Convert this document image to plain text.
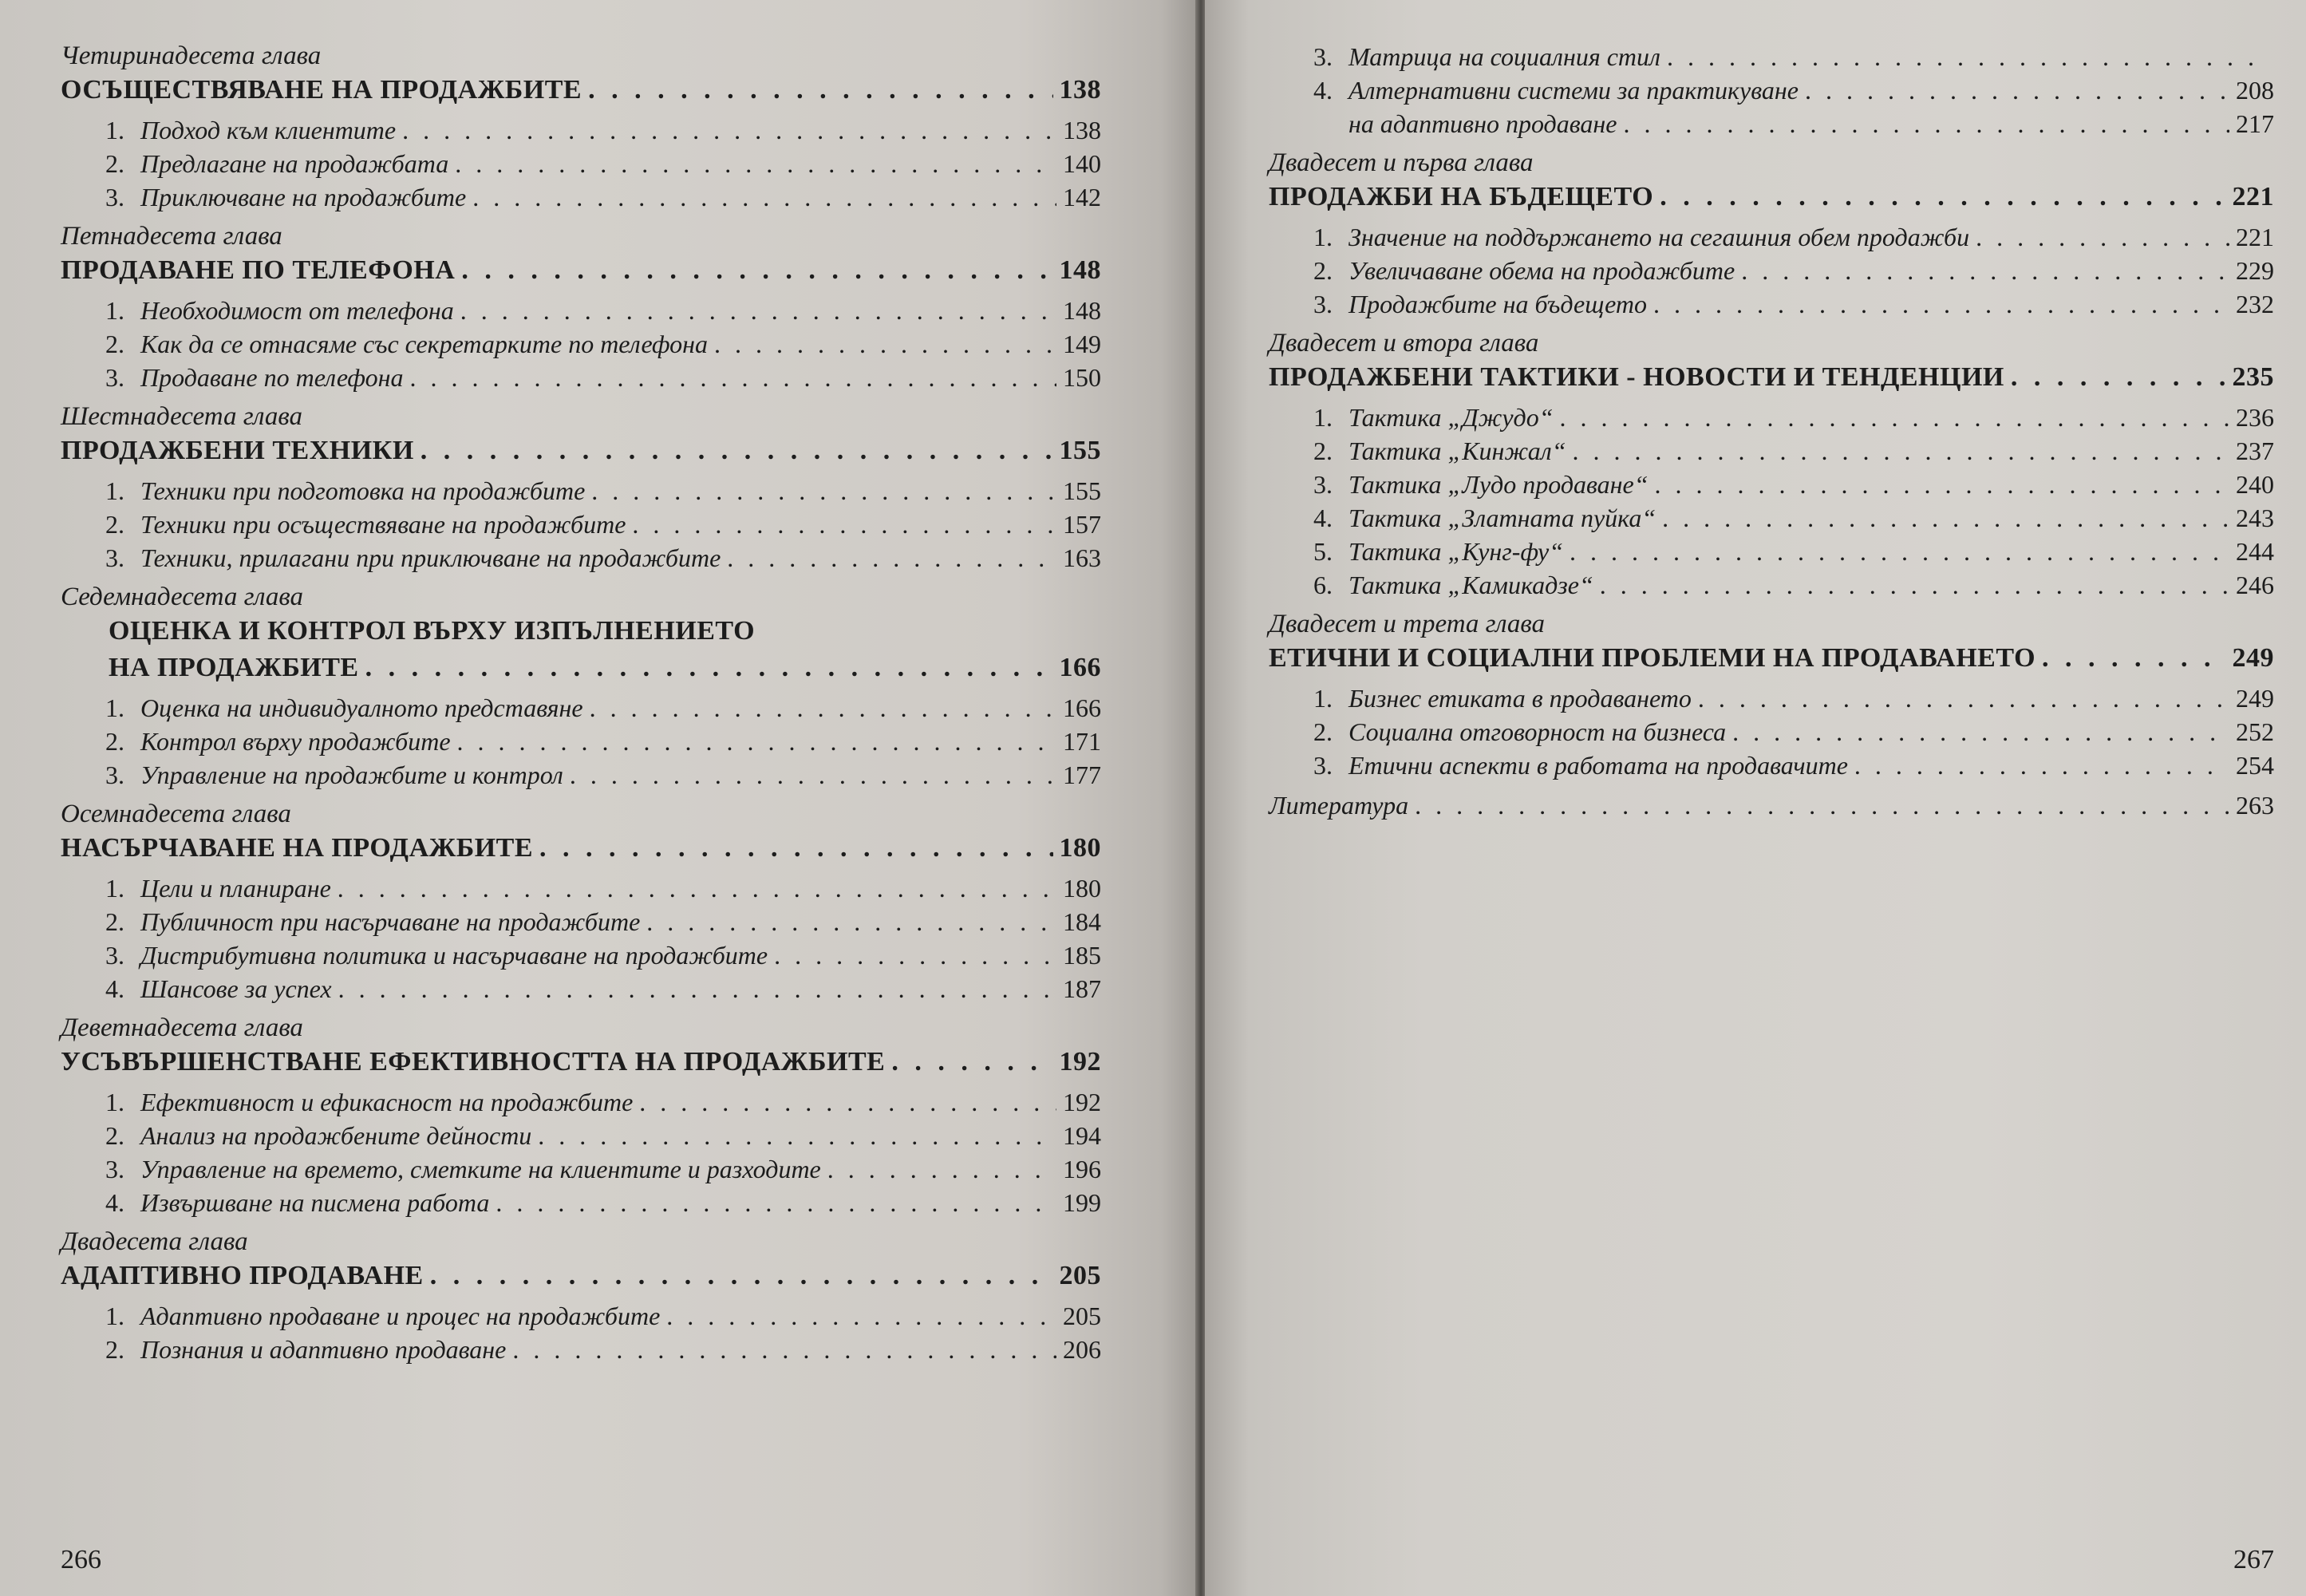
Четиринадесета глава
ОСЪЩЕСТВЯВАНЕ НА ПРОДАЖБИТЕ . . .	138
1. Подход към клиентите . . .	138
2. Предлагане на продажбата . . .	140
3. Приключване на продажбите . . .	142
Петнадесета глава
ПРОДАВАНЕ ПО ТЕЛЕФОНА . . .	148
1. Необходимост от телефона . . .	148
2. Как да се отнасяме със секретарките по телефона . . .	149
3. Продаване по телефона . . .	150
Шестнадесета глава
ПРОДАЖБЕНИ ТЕХНИКИ . . .	155
1. Техники при подготовка на продажбите . . .	155
2. Техники при осъществяване на продажбите . . .	157
3. Техники, прилагани при приключване на продажбите . . .	163
Седемнадесета глава
ОЦЕНКА И КОНТРОЛ ВЪРХУ ИЗПЪЛНЕНИЕТО
НА ПРОДАЖБИТЕ . . .	166
1. Оценка на индивидуалното представяне . . .	166
2. Контрол върху продажбите . . .	171
3. Управление на продажбите и контрол . . .	177
Осемнадесета глава
НАСЪРЧАВАНЕ НА ПРОДАЖБИТЕ . . .	180
1. Цели и планиране . . .	180
2. Публичност при насърчаване на продажбите . . .	184
3. Дистрибутивна политика и насърчаване на продажбите . . .	185
4. Шансове за успех . . .	187
Деветнадесета глава
УСЪВЪРШЕНСТВАНЕ ЕФЕКТИВНОСТТА НА ПРОДАЖБИТЕ . . .	192
1. Ефективност и ефикасност на продажбите . . .	192
2. Анализ на продажбените дейности . . .	194
3. Управление на времето, сметките на клиентите и разходите . . .	196
4. Извършване на писмена работа . . .	199
Двадесета глава
АДАПТИВНО ПРОДАВАНЕ . . .	205
1. Адаптивно продаване и процес на продажбите . . .	205
2. Познания и адаптивно продаване . . .	206
266
3. Матрица на социалния стил
. . .
4. Алтернативни системи за практикуване . . .	208
на адаптивно продаване . . .	217
Двадесет и първа глава
ПРОДАЖБИ НА БЪДЕЩЕТО . . .	221
1. Значение на поддържането на сегашния обем продажби . . .	221
2. Увеличаване обема на продажбите . . .	229
3. Продажбите на бъдещето . . .	232
Двадесет и втора глава
ПРОДАЖБЕНИ ТАКТИКИ - НОВОСТИ И ТЕНДЕНЦИИ . . .	235
1. Тактика „Джудо“ . . .	236
2. Тактика „Кинжал“ . . .	237
3. Тактика „Лудо продаване“ . . .	240
4. Тактика „Златната пуйка“ . . .	243
5. Тактика „Кунг-фу“ . . .	244
6. Тактика „Камикадзе“ . . .	246
Двадесет и трета глава
ЕТИЧНИ И СОЦИАЛНИ ПРОБЛЕМИ НА ПРОДАВАНЕТО . . .	249
1. Бизнес етиката в продаването . . .	249
2. Социална отговорност на бизнеса . . .	252
3. Етични аспекти в работата на продавачите . . .	254
Литература . . .	263
267
